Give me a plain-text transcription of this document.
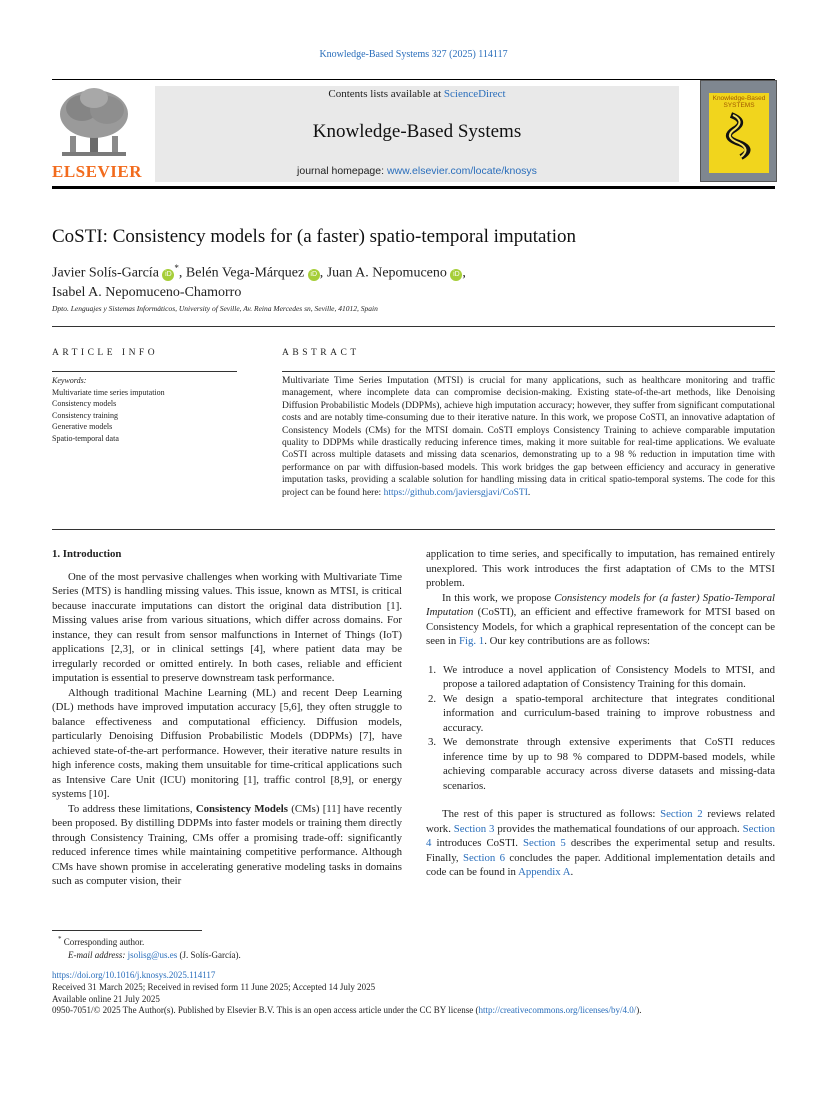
Knowledge-Based Systems 327 (2025) 114117
ELSEVIER
Contents lists available at ScienceDirect
Knowledge-Based Systems
journal homepage: www.elsevier.com/locate/knosys
Knowledge-Based SYSTEMS
CoSTI: Consistency models for (a faster) spatio-temporal imputation
Javier Solís-García iD*, Belén Vega-Márquez iD , Juan A. Nepomuceno iD ,
Isabel A. Nepomuceno-Chamorro
Dpto. Lenguajes y Sistemas Informáticos, University of Seville, Av. Reina Mercedes sn, Seville, 41012, Spain
ARTICLE INFO
Keywords:
Multivariate time series imputation
Consistency models
Consistency training
Generative models
Spatio-temporal data
ABSTRACT
Multivariate Time Series Imputation (MTSI) is crucial for many applications, such as healthcare monitoring and traffic management, where incomplete data can compromise decision-making. Existing state-of-the-art methods, like Denoising Diffusion Probabilistic Models (DDPMs), achieve high imputation accuracy; however, they suffer from significant computational costs and are notably time-consuming due to their iterative nature. In this work, we propose CoSTI, an innovative adaptation of Consistency Models (CMs) for the MTSI domain. CoSTI employs Consistency Training to achieve comparable imputation quality to DDPMs while drastically reducing inference times, making it more suitable for real-time applications. We evaluate CoSTI across multiple datasets and missing data scenarios, demonstrating up to a 98 % reduction in imputation time with performance on par with diffusion-based models. This work bridges the gap between efficiency and accuracy in generative imputation tasks, providing a scalable solution for handling missing data in critical spatio-temporal systems. The code for this project can be found here: https://github.com/javiersgjavi/CoSTI.

1. Introduction

One of the most pervasive challenges when working with Multivariate Time Series (MTS) is handling missing values. This issue, known as MTSI, is critical because inaccurate imputations can distort the original data distribution [1]. Missing values arise from various situations, which differ across domains. For instance, they can result from sensor malfunctions in Internet of Things (IoT) applications [2,3], or in clinical settings [4], where patient data may be irregularly recorded or omitted entirely. In both cases, reliable and efficient imputation is essential to preserve downstream task performance.

Although traditional Machine Learning (ML) and recent Deep Learning (DL) methods have improved imputation accuracy [5,6], they often struggle to balance effectiveness and computational efficiency. Diffusion models, particularly Denoising Diffusion Probabilistic Models (DDPMs) [7], have achieved state-of-the-art performance. However, their iterative nature results in high inference costs, making them unsuitable for time-critical applications such as Intensive Care Unit (ICU) monitoring [1], traffic control [8,9], or energy systems [10].

To address these limitations, Consistency Models (CMs) [11] have recently been proposed. By distilling DDPMs into faster models or training them directly through Consistency Training, CMs offer a promising trade-off: significantly reduced inference times while maintaining competitive performance. Although CMs have shown promise in accelerating generative modeling tasks in domains such as computer vision, their

application to time series, and specifically to imputation, has remained entirely unexplored. This work introduces the first adaptation of CMs to the MTSI problem.

In this work, we propose Consistency models for (a faster) Spatio-Temporal Imputation (CoSTI), an efficient and effective framework for MTSI based on Consistency Models, for which a graphical representation of the concept can be seen in Fig. 1. Our key contributions are as follows:

1. We introduce a novel application of Consistency Models to MTSI, and propose a tailored adaptation of Consistency Training for this domain.
2. We design a spatio-temporal architecture that integrates conditional information and curriculum-based training to improve robustness and accuracy.
3. We demonstrate through extensive experiments that CoSTI reduces inference time by up to 98 % compared to DDPM-based models, while achieving comparable accuracy across diverse datasets and missing-data scenarios.

The rest of this paper is structured as follows: Section 2 reviews related work. Section 3 provides the mathematical foundations of our approach. Section 4 introduces CoSTI. Section 5 describes the experimental setup and results. Finally, Section 6 concludes the paper. Additional implementation details and code can be found in Appendix A.

* Corresponding author.
E-mail address: jsolisg@us.es (J. Solís-García).
https://doi.org/10.1016/j.knosys.2025.114117
Received 31 March 2025; Received in revised form 11 June 2025; Accepted 14 July 2025
Available online 21 July 2025
0950-7051/© 2025 The Author(s). Published by Elsevier B.V. This is an open access article under the CC BY license (http://creativecommons.org/licenses/by/4.0/).
